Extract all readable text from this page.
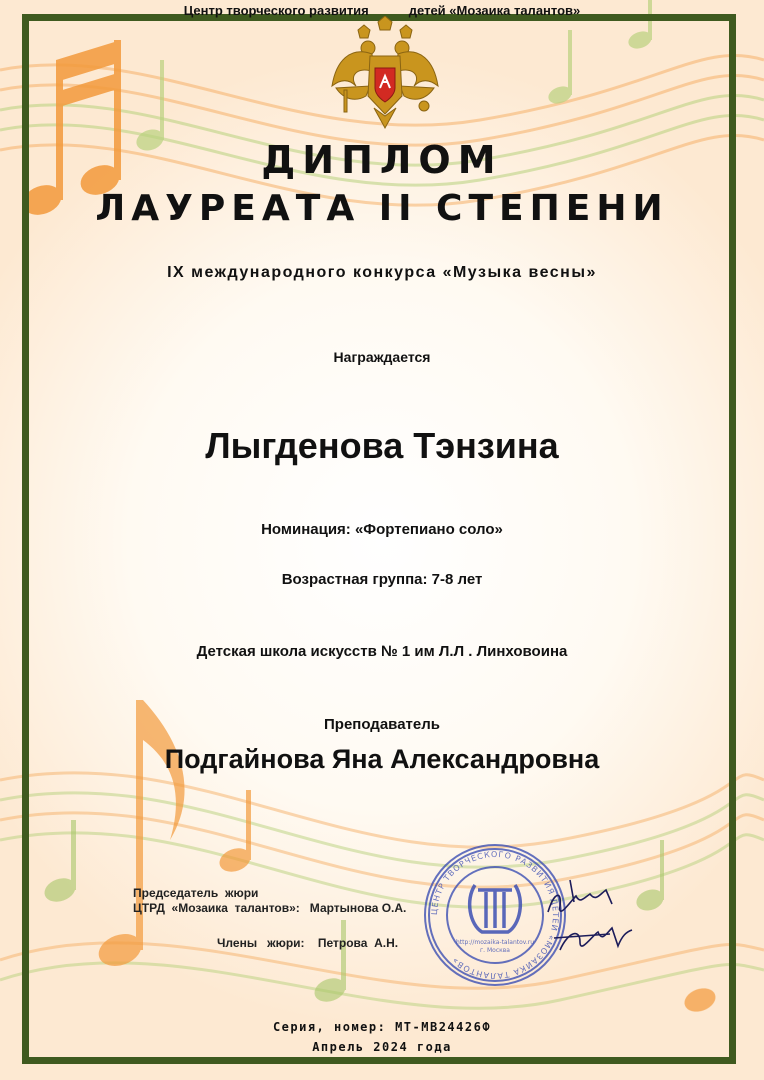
Центр творческого развития	детей «Мозаика талантов»
ДИПЛОМ
ЛАУРЕАТА II СТЕПЕНИ
IX международного конкурса «Музыка весны»
Награждается
Лыгденова Тэнзина
Номинация: «Фортепиано соло»
Возрастная группа: 7-8 лет
Детская школа искусств № 1 им Л.Л . Линховоина
Преподаватель
Подгайнова Яна Александровна
Председатель  жюри
ЦТРД  «Мозаика  талантов»:   Мартынова О.А.
Члены   жюри:    Петрова  А.Н.
ЦЕНТР ТВОРЧЕСКОГО РАЗВИТИЯ ДЕТЕЙ «МОЗАИКА ТАЛАНТОВ»
http://mozaika-talantov.ru
г. Москва
Серия, номер: МТ-МВ24426Ф
Апрель 2024 года
